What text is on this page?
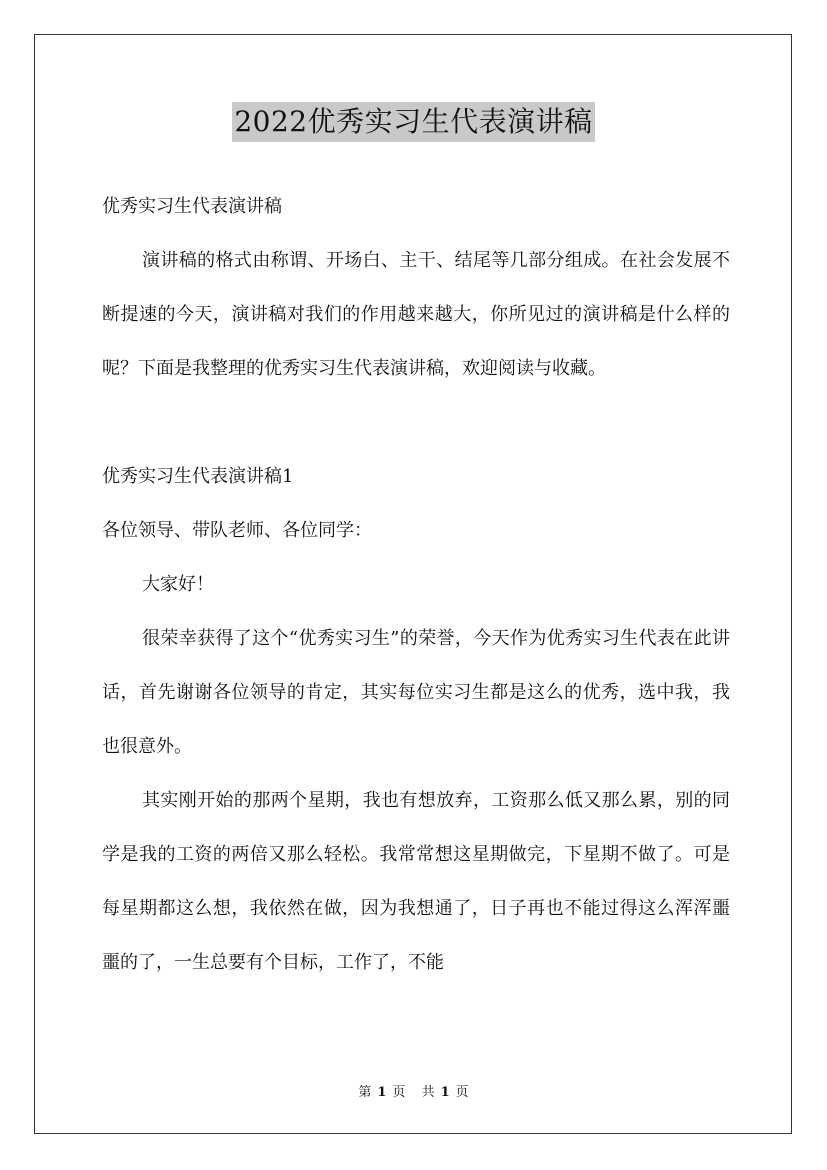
2022优秀实习生代表演讲稿

优秀实习生代表演讲稿

演讲稿的格式由称谓、开场白、主干、结尾等几部分组成。在社会发展不断提速的今天，演讲稿对我们的作用越来越大，你所见过的演讲稿是什么样的呢？下面是我整理的优秀实习生代表演讲稿，欢迎阅读与收藏。

优秀实习生代表演讲稿1

各位领导、带队老师、各位同学：

大家好！

很荣幸获得了这个“优秀实习生”的荣誉，今天作为优秀实习生代表在此讲话，首先谢谢各位领导的肯定，其实每位实习生都是这么的优秀，选中我，我也很意外。

其实刚开始的那两个星期，我也有想放弃，工资那么低又那么累，别的同学是我的工资的两倍又那么轻松。我常常想这星期做完，下星期不做了。可是每星期都这么想，我依然在做，因为我想通了，日子再也不能过得这么浑浑噩噩的了，一生总要有个目标，工作了，不能

第 1 页 共 1 页
